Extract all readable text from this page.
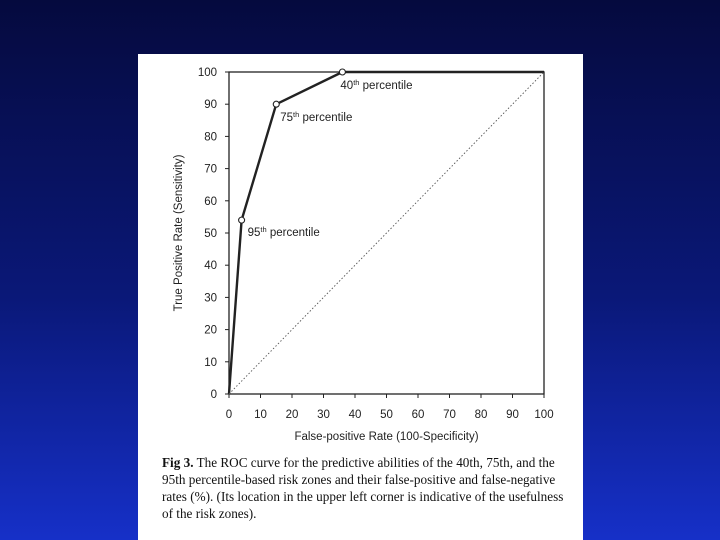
0
10
20
30
40
50
60
70
80
90
100
0 10 20 30 40 50 60 70 80 90 100
False-positive Rate (100-Specificity)
True Positive Rate (Sensitivity)	95th percentile
75th percentile
40th percentile
Fig 3. The ROC curve for the predictive abilities of the 40th, 75th, and the 95th percentile-based risk zones and their false-positive and false-negative rates (%). (Its location in the upper left corner is indicative of the usefulness of the risk zones).
